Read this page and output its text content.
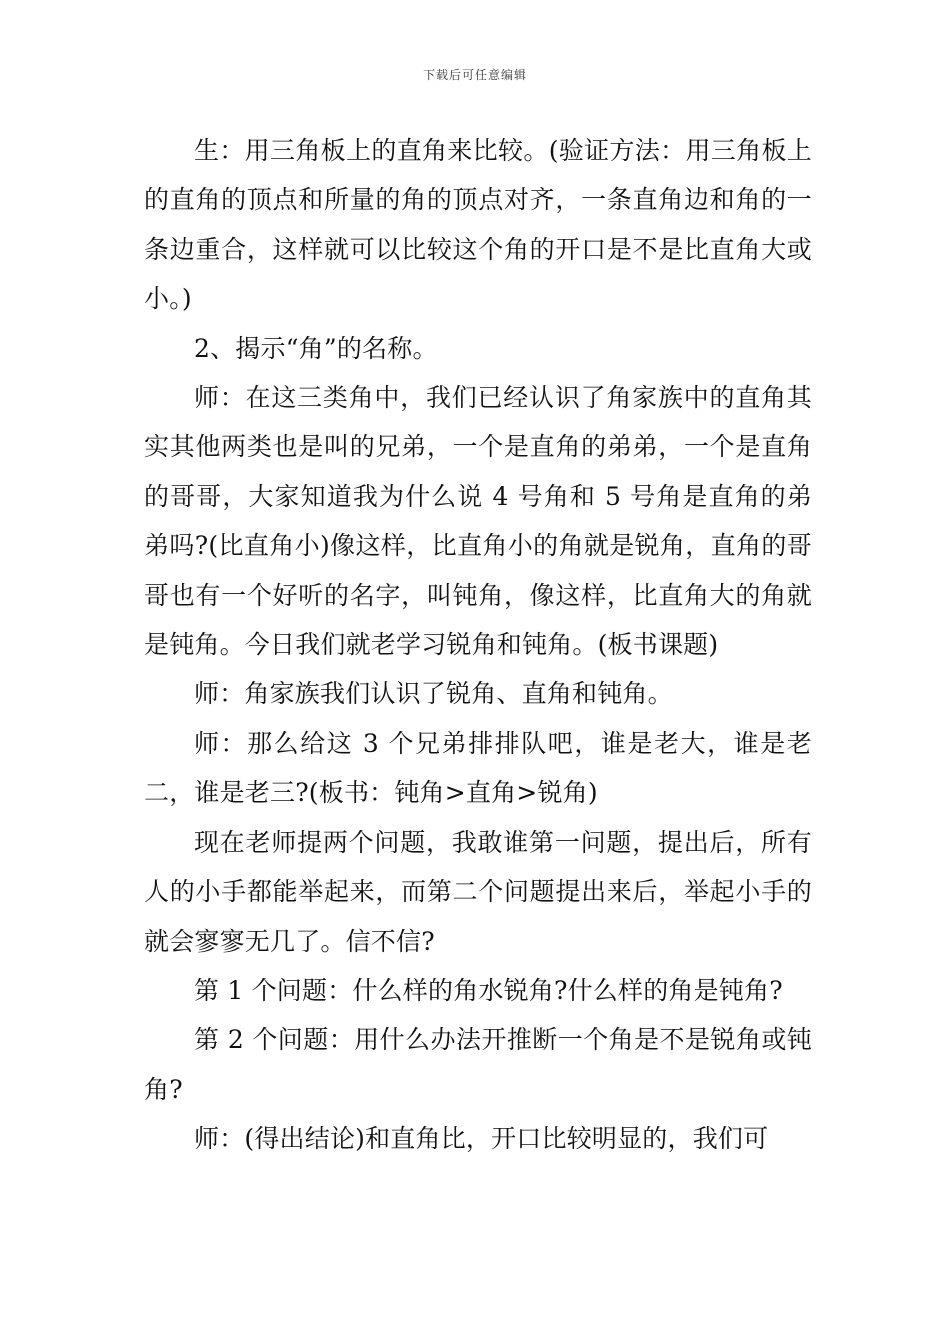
下载后可任意编辑

生：用三角板上的直角来比较。(验证方法：用三角板上的直角的顶点和所量的角的顶点对齐，一条直角边和角的一条边重合，这样就可以比较这个角的开口是不是比直角大或小。)

2、揭示“角”的名称。

师：在这三类角中，我们已经认识了角家族中的直角其实其他两类也是叫的兄弟，一个是直角的弟弟，一个是直角的哥哥，大家知道我为什么说 4 号角和 5 号角是直角的弟弟吗?(比直角小)像这样，比直角小的角就是锐角，直角的哥哥也有一个好听的名字，叫钝角，像这样，比直角大的角就是钝角。今日我们就老学习锐角和钝角。(板书课题)

师：角家族我们认识了锐角、直角和钝角。

师：那么给这 3 个兄弟排排队吧，谁是老大，谁是老二，谁是老三?(板书：钝角>直角>锐角)

现在老师提两个问题，我敢谁第一问题，提出后，所有人的小手都能举起来，而第二个问题提出来后，举起小手的就会寥寥无几了。信不信?

第 1 个问题：什么样的角水锐角?什么样的角是钝角?

第 2 个问题：用什么办法开推断一个角是不是锐角或钝角?

师：(得出结论)和直角比，开口比较明显的，我们可
